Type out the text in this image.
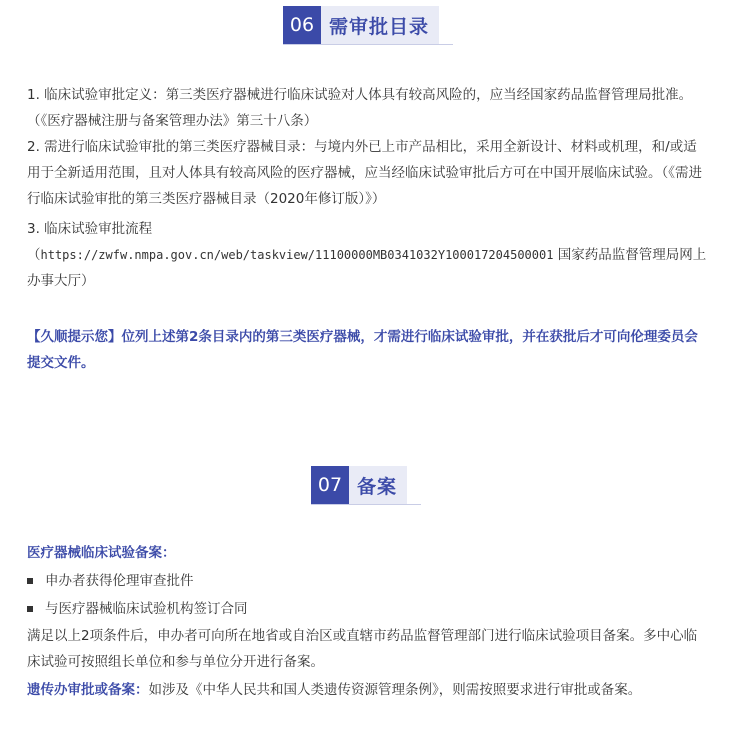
06 需审批目录

1. 临床试验审批定义：第三类医疗器械进行临床试验对人体具有较高风险的，应当经国家药品监督管理局批准。（《医疗器械注册与备案管理办法》第三十八条）

2. 需进行临床试验审批的第三类医疗器械目录：与境内外已上市产品相比，采用全新设计、材料或机理，和/或适用于全新适用范围，且对人体具有较高风险的医疗器械，应当经临床试验审批后方可在中国开展临床试验。（《需进行临床试验审批的第三类医疗器械目录（2020年修订版）》）

3. 临床试验审批流程

（https://zwfw.nmpa.gov.cn/web/taskview/11100000MB0341032Y100017204500001 国家药品监督管理局网上办事大厅）

【久顺提示您】位列上述第2条目录内的第三类医疗器械，才需进行临床试验审批，并在获批后才可向伦理委员会提交文件。

07 备案

医疗器械临床试验备案：

申办者获得伦理审查批件
与医疗器械临床试验机构签订合同

满足以上2项条件后，申办者可向所在地省或自治区或直辖市药品监督管理部门进行临床试验项目备案。多中心临床试验可按照组长单位和参与单位分开进行备案。

遗传办审批或备案：如涉及《中华人民共和国人类遗传资源管理条例》，则需按照要求进行审批或备案。
